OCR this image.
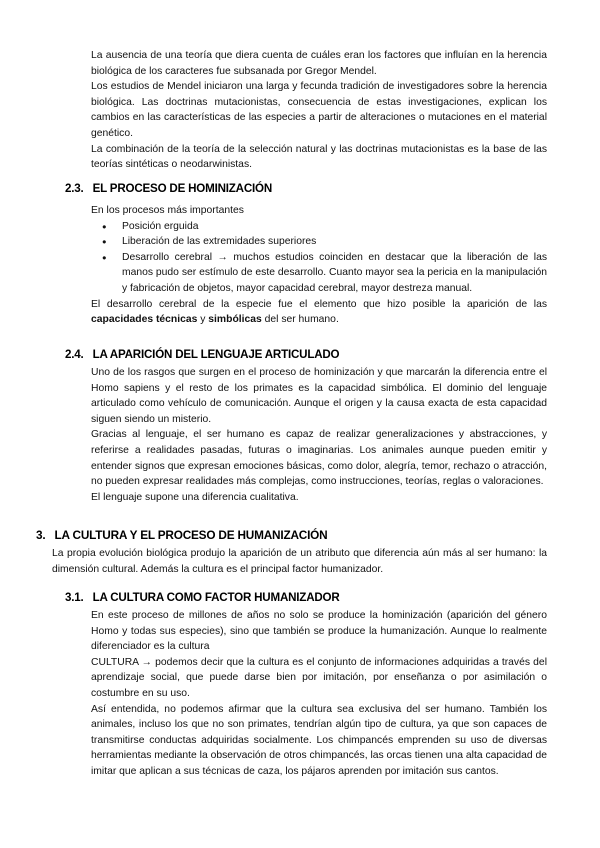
La ausencia de una teoría que diera cuenta de cuáles eran los factores que influían en la herencia biológica de los caracteres fue subsanada por Gregor Mendel.

Los estudios de Mendel iniciaron una larga y fecunda tradición de investigadores sobre la herencia biológica. Las doctrinas mutacionistas, consecuencia de estas investigaciones, explican los cambios en las características de las especies a partir de alteraciones o mutaciones en el material genético.

La combinación de la teoría de la selección natural y las doctrinas mutacionistas es la base de las teorías sintéticas o neodarwinistas.

2.3. EL PROCESO DE HOMINIZACIÓN

En los procesos más importantes

● Posición erguida
● Liberación de las extremidades superiores
● Desarrollo cerebral → muchos estudios coinciden en destacar que la liberación de las manos pudo ser estímulo de este desarrollo. Cuanto mayor sea la pericia en la manipulación y fabricación de objetos, mayor capacidad cerebral, mayor destreza manual.

El desarrollo cerebral de la especie fue el elemento que hizo posible la aparición de las capacidades técnicas y simbólicas del ser humano.

2.4. LA APARICIÓN DEL LENGUAJE ARTICULADO

Uno de los rasgos que surgen en el proceso de hominización y que marcarán la diferencia entre el Homo sapiens y el resto de los primates es la capacidad simbólica. El dominio del lenguaje articulado como vehículo de comunicación. Aunque el origen y la causa exacta de esta capacidad siguen siendo un misterio.

Gracias al lenguaje, el ser humano es capaz de realizar generalizaciones y abstracciones, y referirse a realidades pasadas, futuras o imaginarias. Los animales aunque pueden emitir y entender signos que expresan emociones básicas, como dolor, alegría, temor, rechazo o atracción, no pueden expresar realidades más complejas, como instrucciones, teorías, reglas o valoraciones.

El lenguaje supone una diferencia cualitativa.

3. LA CULTURA Y EL PROCESO DE HUMANIZACIÓN

La propia evolución biológica produjo la aparición de un atributo que diferencia aún más al ser humano: la dimensión cultural. Además la cultura es el principal factor humanizador.

3.1. LA CULTURA COMO FACTOR HUMANIZADOR

En este proceso de millones de años no solo se produce la hominización (aparición del género Homo y todas sus especies), sino que también se produce la humanización. Aunque lo realmente diferenciador es la cultura

CULTURA → podemos decir que la cultura es el conjunto de informaciones adquiridas a través del aprendizaje social, que puede darse bien por imitación, por enseñanza o por asimilación o costumbre en su uso.

Así entendida, no podemos afirmar que la cultura sea exclusiva del ser humano. También los animales, incluso los que no son primates, tendrían algún tipo de cultura, ya que son capaces de transmitirse conductas adquiridas socialmente. Los chimpancés emprenden su uso de diversas herramientas mediante la observación de otros chimpancés, las orcas tienen una alta capacidad de imitar que aplican a sus técnicas de caza, los pájaros aprenden por imitación sus cantos.
